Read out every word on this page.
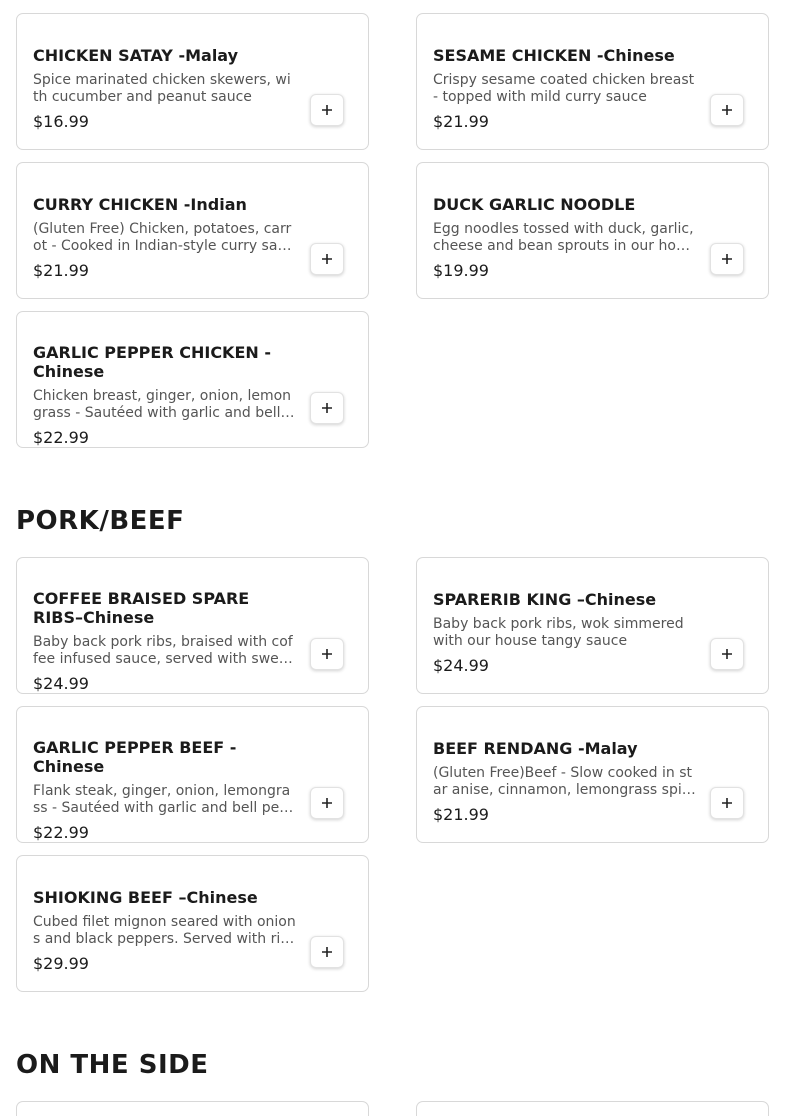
CHICKEN SATAY -Malay
Spice marinated chicken skewers, with cucumber and peanut sauce
$16.99
SESAME CHICKEN -Chinese
Crispy sesame coated chicken breast - topped with mild curry sauce
$21.99
CURRY CHICKEN -Indian
(Gluten Free) Chicken, potatoes, carrot - Cooked in Indian-style curry sauc
$21.99
DUCK GARLIC NOODLE
Egg noodles tossed with duck, garlic, cheese and bean sprouts in our hous
$19.99
GARLIC PEPPER CHICKEN -Chinese
Chicken breast, ginger, onion, lemon grass - Sautéed with garlic and bell p
$22.99
PORK/BEEF
COFFEE BRAISED SPARE RIBS–Chinese
Baby back pork ribs, braised with coffee infused sauce, served with sweet
$24.99
SPARERIB KING –Chinese
Baby back pork ribs, wok simmered with our house tangy sauce
$24.99
GARLIC PEPPER BEEF -Chinese
Flank steak, ginger, onion, lemongrass - Sautéed with garlic and bell pep
$22.99
BEEF RENDANG -Malay
(Gluten Free)Beef - Slow cooked in star anise, cinnamon, lemongrass spic
$21.99
SHIOKING BEEF –Chinese
Cubed filet mignon seared with onions and black peppers. Served with ric
$29.99
ON THE SIDE
